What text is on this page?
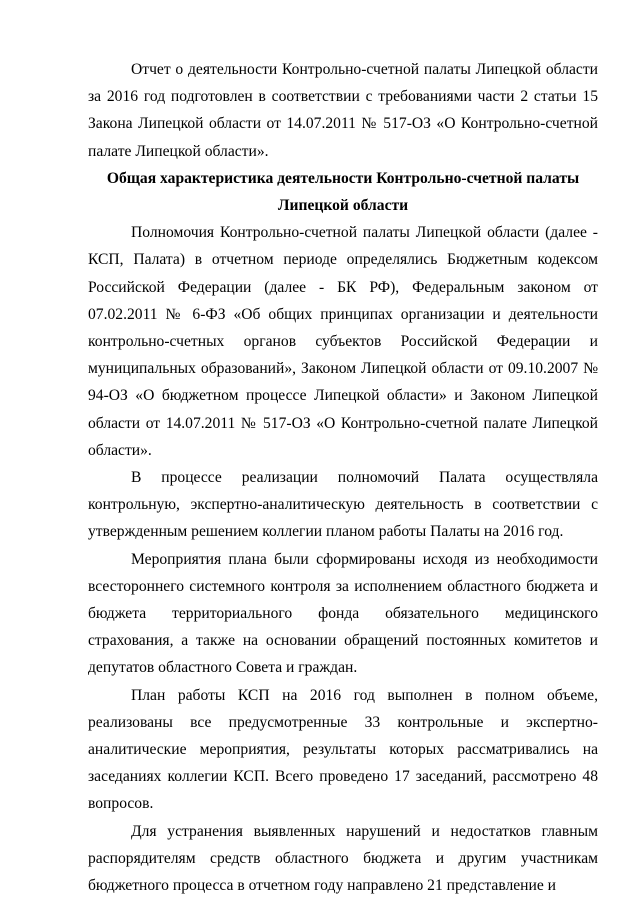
Отчет о деятельности Контрольно-счетной палаты Липецкой области за 2016 год подготовлен в соответствии с требованиями части 2 статьи 15 Закона Липецкой области от 14.07.2011 № 517-ОЗ «О Контрольно-счетной палате Липецкой области».

Общая характеристика деятельности Контрольно-счетной палаты Липецкой области

Полномочия Контрольно-счетной палаты Липецкой области (далее - КСП, Палата) в отчетном периоде определялись Бюджетным кодексом Российской Федерации (далее - БК РФ), Федеральным законом от 07.02.2011 № 6-ФЗ «Об общих принципах организации и деятельности контрольно-счетных органов субъектов Российской Федерации и муниципальных образований», Законом Липецкой области от 09.10.2007 № 94-ОЗ «О бюджетном процессе Липецкой области» и Законом Липецкой области от 14.07.2011 № 517-ОЗ «О Контрольно-счетной палате Липецкой области».

В процессе реализации полномочий Палата осуществляла контрольную, экспертно-аналитическую деятельность в соответствии с утвержденным решением коллегии планом работы Палаты на 2016 год.

Мероприятия плана были сформированы исходя из необходимости всестороннего системного контроля за исполнением областного бюджета и бюджета территориального фонда обязательного медицинского страхования, а также на основании обращений постоянных комитетов и депутатов областного Совета и граждан.

План работы КСП на 2016 год выполнен в полном объеме, реализованы все предусмотренные 33 контрольные и экспертно-аналитические мероприятия, результаты которых рассматривались на заседаниях коллегии КСП. Всего проведено 17 заседаний, рассмотрено 48 вопросов.

Для устранения выявленных нарушений и недостатков главным распорядителям средств областного бюджета и другим участникам бюджетного процесса в отчетном году направлено 21 представление и
